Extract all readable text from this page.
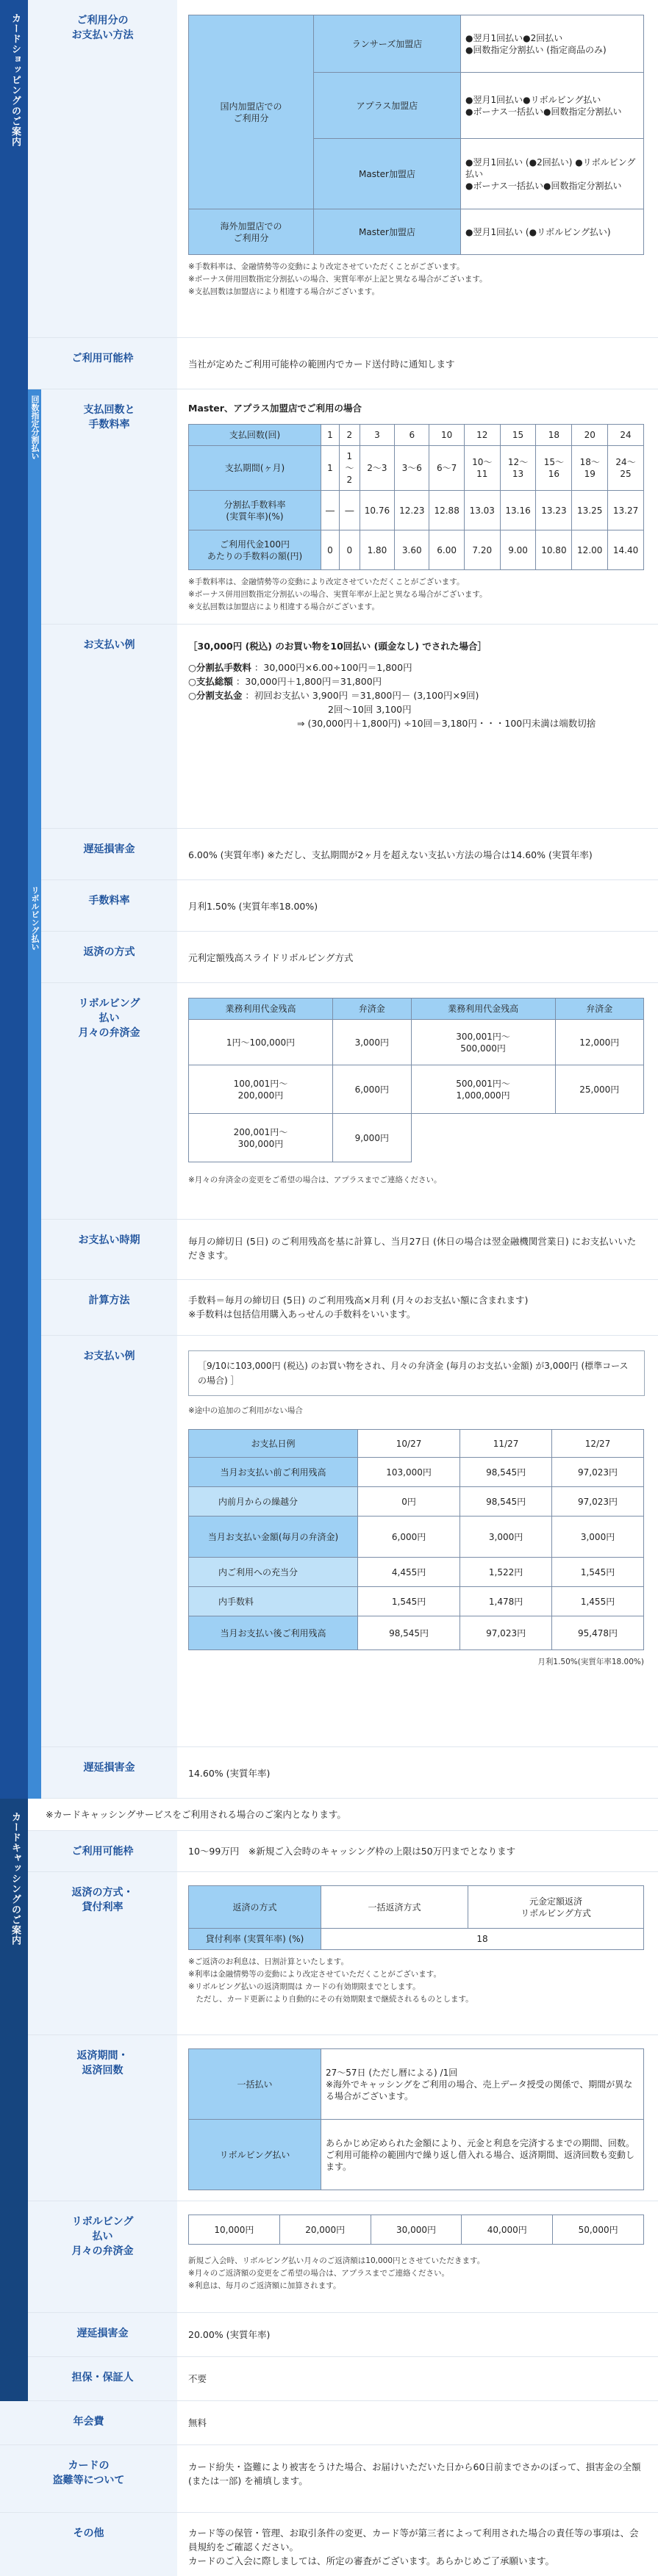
カードショッピングのご案内
回数指定分割払い
リボルビング払い
カードキャッシングのご案内
ご利用分の
お支払い方法
国内加盟店での
ご利用分	ランサーズ加盟店	●翌月1回払い●2回払い
●回数指定分割払い (指定商品のみ)
	アプラス加盟店	●翌月1回払い●リボルビング払い
●ボーナス一括払い●回数指定分割払い
	Master加盟店	●翌月1回払い (●2回払い) ●リボルビング払い
●ボーナス一括払い●回数指定分割払い
海外加盟店での
ご利用分	Master加盟店	●翌月1回払い (●リボルビング払い)
※手数料率は、金融情勢等の変動により改定させていただくことがございます。
※ボーナス併用回数指定分割払いの場合、実質年率が上記と異なる場合がございます。
※支払回数は加盟店により相違する場合がございます。
ご利用可能枠	当社が定めたご利用可能枠の範囲内でカード送付時に通知します
支払回数と
手数料率
Master、アプラス加盟店でご利用の場合
支払回数(回)	1	2	3	6	10	12	15	18	20	24
支払期間(ヶ月)	1	1～2	2～3	3～6	6～7	10～11	12～13	15～16	18～19	24～25
分割払手数料率
(実質年率)(%)	―	―	10.76	12.23	12.88	13.03	13.16	13.23	13.25	13.27
ご利用代金100円
あたりの手数料の額(円)	0	0	1.80	3.60	6.00	7.20	9.00	10.80	12.00	14.40
※手数料率は、金融情勢等の変動により改定させていただくことがございます。
※ボーナス併用回数指定分割払いの場合、実質年率が上記と異なる場合がございます。
※支払回数は加盟店により相違する場合がございます。
お支払い例	［30,000円 (税込) のお買い物を10回払い (頭金なし) でされた場合］
○分割払手数料 ：30,000円×6.00÷100円＝1,800円
○支払総額 ：30,000円＋1,800円＝31,800円
○分割支払金 ：初回お支払い 3,900円 ＝31,800円－ (3,100円×9回)
2回～10回 3,100円
⇒ (30,000円＋1,800円) ÷10回＝3,180円・・・100円未満は端数切捨
遅延損害金	6.00% (実質年率) ※ただし、支払期間が2ヶ月を超えない支払い方法の場合は14.60% (実質年率)
手数料率	月利1.50% (実質年率18.00%)
返済の方式	元利定額残高スライドリボルビング方式
リボルビング
払い
月々の弁済金
業務利用代金残高	弁済金	業務利用代金残高	弁済金
1円～100,000円	3,000円	300,001円～
500,000円	12,000円
100,001円～
200,000円	6,000円	500,001円～
1,000,000円	25,000円
200,001円～
300,000円	9,000円		
※月々の弁済金の変更をご希望の場合は、アプラスまでご連絡ください。
お支払い時期	毎月の締切日 (5日) のご利用残高を基に計算し、当月27日 (休日の場合は翌金融機関営業日) にお支払いいただきます。
計算方法	手数料＝毎月の締切日 (5日) のご利用残高×月利 (月々のお支払い額に含まれます)
※手数料は包括信用購入あっせんの手数料をいいます。
お支払い例
［9/10に103,000円 (税込) のお買い物をされ、月々の弁済金 (毎月のお支払い金額) が3,000円 (標準コースの場合) ］
※途中の追加のご利用がない場合
お支払日例	10/27	11/27	12/27
当月お支払い前ご利用残高	103,000円	98,545円	97,023円
内前月からの繰越分	0円	98,545円	97,023円
当月お支払い金額(毎月の弁済金)	6,000円	3,000円	3,000円
内ご利用への充当分	4,455円	1,522円	1,545円
内手数料	1,545円	1,478円	1,455円
当月お支払い後ご利用残高	98,545円	97,023円	95,478円
月利1.50%(実質年率18.00%)
遅延損害金	14.60% (実質年率)
※カードキャッシングサービスをご利用される場合のご案内となります。
ご利用可能枠	10～99万円　※新規ご入会時のキャッシング枠の上限は50万円までとなります
返済の方式・
貸付利率	返済の方式	一括返済方式	元金定額返済
リボルビング方式
貸付利率 (実質年率) (%)	18	
※ご返済のお利息は、日割計算といたします。
※利率は金融情勢等の変動により改定させていただくことがございます。
※リボルビング払いの返済期間は カードの有効期限までとします。
　ただし、カード更新により自動的にその有効期限まで継続されるものとします。
返済期間・
返済回数
一括払い	27～57日 (ただし暦による) /1回
※海外でキャッシングをご利用の場合、売上データ授受の関係で、期間が異なる場合がございます。
リボルビング払い	あらかじめ定められた金額により、元金と利息を完済するまでの期間、回数。ご利用可能枠の範囲内で繰り返し借入れる場合、返済期間、返済回数も変動します。
リボルビング
払い
月々の弁済金
10,000円	20,000円	30,000円	40,000円	50,000円
新規ご入会時、リボルビング払い月々のご返済額は10,000円とさせていただきます。
※月々のご返済額の変更をご希望の場合は、アプラスまでご連絡ください。
※利息は、毎月のご返済額に加算されます。
遅延損害金	20.00% (実質年率)
担保・保証人	不要
年会費	無料
カードの
盗難等について
カード紛失・盗難により被害をうけた場合、お届けいただいた日から60日前までさかのぼって、損害金の全額 (または一部) を補填します。
その他	カード等の保管・管理、お取引条件の変更、カード等が第三者によって利用された場合の責任等の事項は、会員規約をご確認ください。
カードのご入会に際しましては、所定の審査がございます。あらかじめご了承願います。
